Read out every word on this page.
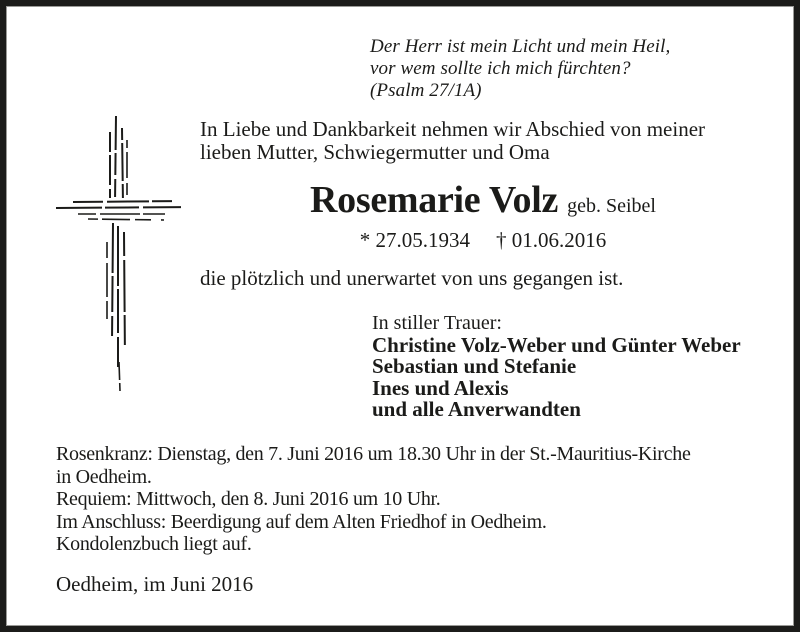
Der Herr ist mein Licht und mein Heil,
vor wem sollte ich mich fürchten?
(Psalm 27/1A)
In Liebe und Dankbarkeit nehmen wir Abschied von meiner
lieben Mutter, Schwiegermutter und Oma
Rosemarie Volz geb. Seibel
* 27.05.1934 † 01.06.2016
die plötzlich und unerwartet von uns gegangen ist.
In stiller Trauer:
Christine Volz-Weber und Günter Weber
Sebastian und Stefanie
Ines und Alexis
und alle Anverwandten
Rosenkranz: Dienstag, den 7. Juni 2016 um 18.30 Uhr in der St.-Mauritius-Kirche
in Oedheim.
Requiem: Mittwoch, den 8. Juni 2016 um 10 Uhr.
Im Anschluss: Beerdigung auf dem Alten Friedhof in Oedheim.
Kondolenzbuch liegt auf.
Oedheim, im Juni 2016
